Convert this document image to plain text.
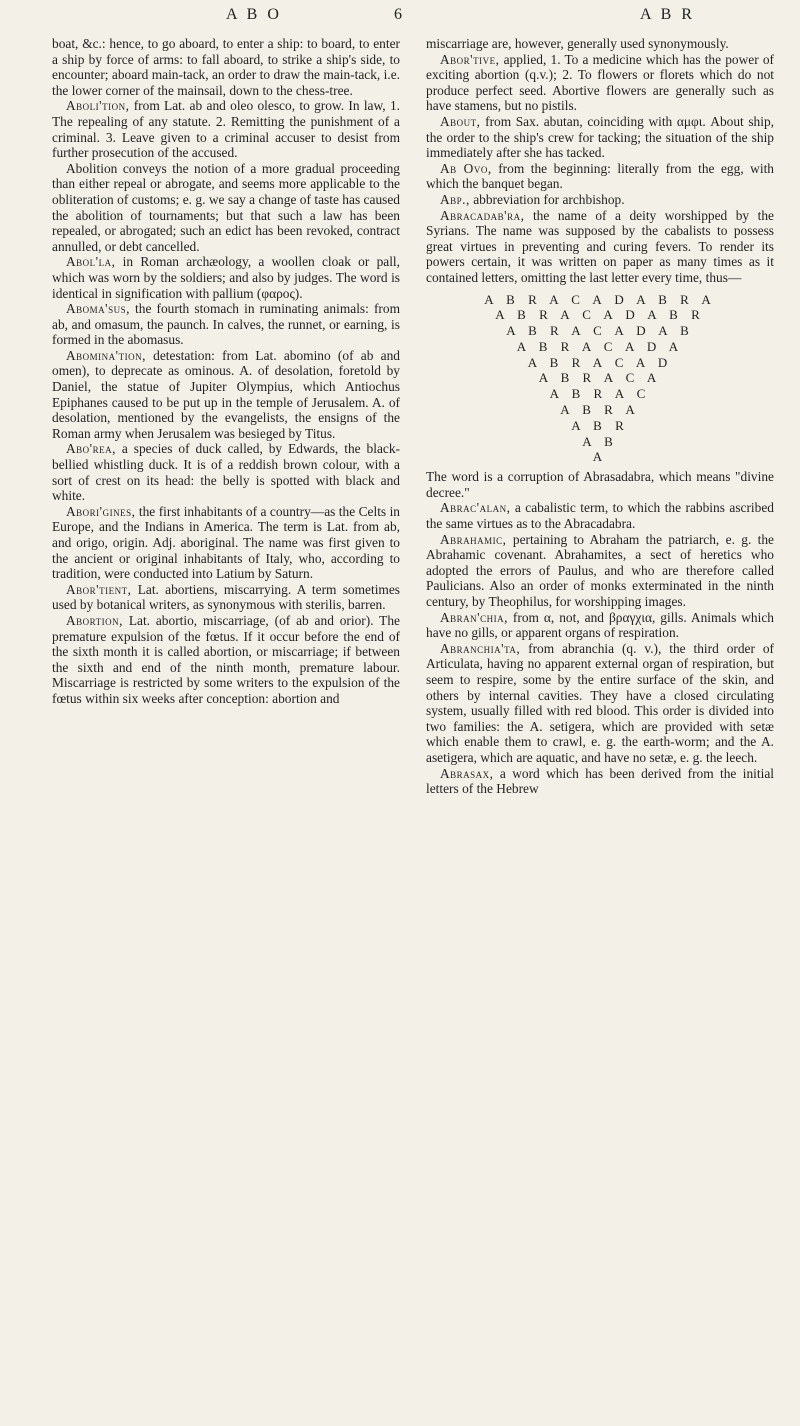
A B O	6	A B R

boat, &c.: hence, to go aboard, to enter a ship: to board, to enter a ship by force of arms: to fall aboard, to strike a ship's side, to encounter; aboard main-tack, an order to draw the main-tack, i.e. the lower corner of the mainsail, down to the chess-tree.

Aboli'tion, from Lat. ab and oleo olesco, to grow. In law, 1. The repealing of any statute. 2. Remitting the punishment of a criminal. 3. Leave given to a criminal accuser to desist from further prosecution of the accused.

Abolition conveys the notion of a more gradual proceeding than either repeal or abrogate, and seems more applicable to the obliteration of customs; e. g. we say a change of taste has caused the abolition of tournaments; but that such a law has been repealed, or abrogated; such an edict has been revoked, contract annulled, or debt cancelled.

Abol'la, in Roman archæology, a woollen cloak or pall, which was worn by the soldiers; and also by judges. The word is identical in signification with pallium (φαρος).

Aboma'sus, the fourth stomach in ruminating animals: from ab, and omasum, the paunch. In calves, the runnet, or earning, is formed in the abomasus.

Abomina'tion, detestation: from Lat. abomino (of ab and omen), to deprecate as ominous. A. of desolation, foretold by Daniel, the statue of Jupiter Olympius, which Antiochus Epiphanes caused to be put up in the temple of Jerusalem. A. of desolation, mentioned by the evangelists, the ensigns of the Roman army when Jerusalem was besieged by Titus.

Abo'rea, a species of duck called, by Edwards, the black-bellied whistling duck. It is of a reddish brown colour, with a sort of crest on its head: the belly is spotted with black and white.

Abori'gines, the first inhabitants of a country—as the Celts in Europe, and the Indians in America. The term is Lat. from ab, and origo, origin. Adj. aboriginal. The name was first given to the ancient or original inhabitants of Italy, who, according to tradition, were conducted into Latium by Saturn.

Abor'tient, Lat. abortiens, miscarrying. A term sometimes used by botanical writers, as synonymous with sterilis, barren.

Abortion, Lat. abortio, miscarriage, (of ab and orior). The premature expulsion of the fœtus. If it occur before the end of the sixth month it is called abortion, or miscarriage; if between the sixth and end of the ninth month, premature labour. Miscarriage is restricted by some writers to the expulsion of the fœtus within six weeks after conception: abortion and

miscarriage are, however, generally used synonymously.

Abor'tive, applied, 1. To a medicine which has the power of exciting abortion (q.v.); 2. To flowers or florets which do not produce perfect seed. Abortive flowers are generally such as have stamens, but no pistils.

About, from Sax. abutan, coinciding with αμφι. About ship, the order to the ship's crew for tacking; the situation of the ship immediately after she has tacked.

Ab Ovo, from the beginning: literally from the egg, with which the banquet began.

Abp., abbreviation for archbishop.

Abracadab'ra, the name of a deity worshipped by the Syrians. The name was supposed by the cabalists to possess great virtues in preventing and curing fevers. To render its powers certain, it was written on paper as many times as it contained letters, omitting the last letter every time, thus—

A B R A C A D A B R A
A B R A C A D A B R
A B R A C A D A B
A B R A C A D A
A B R A C A D
A B R A C A
A B R A C
A B R A
A B R
A B
A

The word is a corruption of Abrasadabra, which means "divine decree."

Abrac'alan, a cabalistic term, to which the rabbins ascribed the same virtues as to the Abracadabra.

Abrahamic, pertaining to Abraham the patriarch, e. g. the Abrahamic covenant. Abrahamites, a sect of heretics who adopted the errors of Paulus, and who are therefore called Paulicians. Also an order of monks exterminated in the ninth century, by Theophilus, for worshipping images.

Abran'chia, from α, not, and βραγχια, gills. Animals which have no gills, or apparent organs of respiration.

Abranchia'ta, from abranchia (q. v.), the third order of Articulata, having no apparent external organ of respiration, but seem to respire, some by the entire surface of the skin, and others by internal cavities. They have a closed circulating system, usually filled with red blood. This order is divided into two families: the A. setigera, which are provided with setæ which enable them to crawl, e. g. the earth-worm; and the A. asetigera, which are aquatic, and have no setæ, e. g. the leech.

Abrasax, a word which has been derived from the initial letters of the Hebrew
